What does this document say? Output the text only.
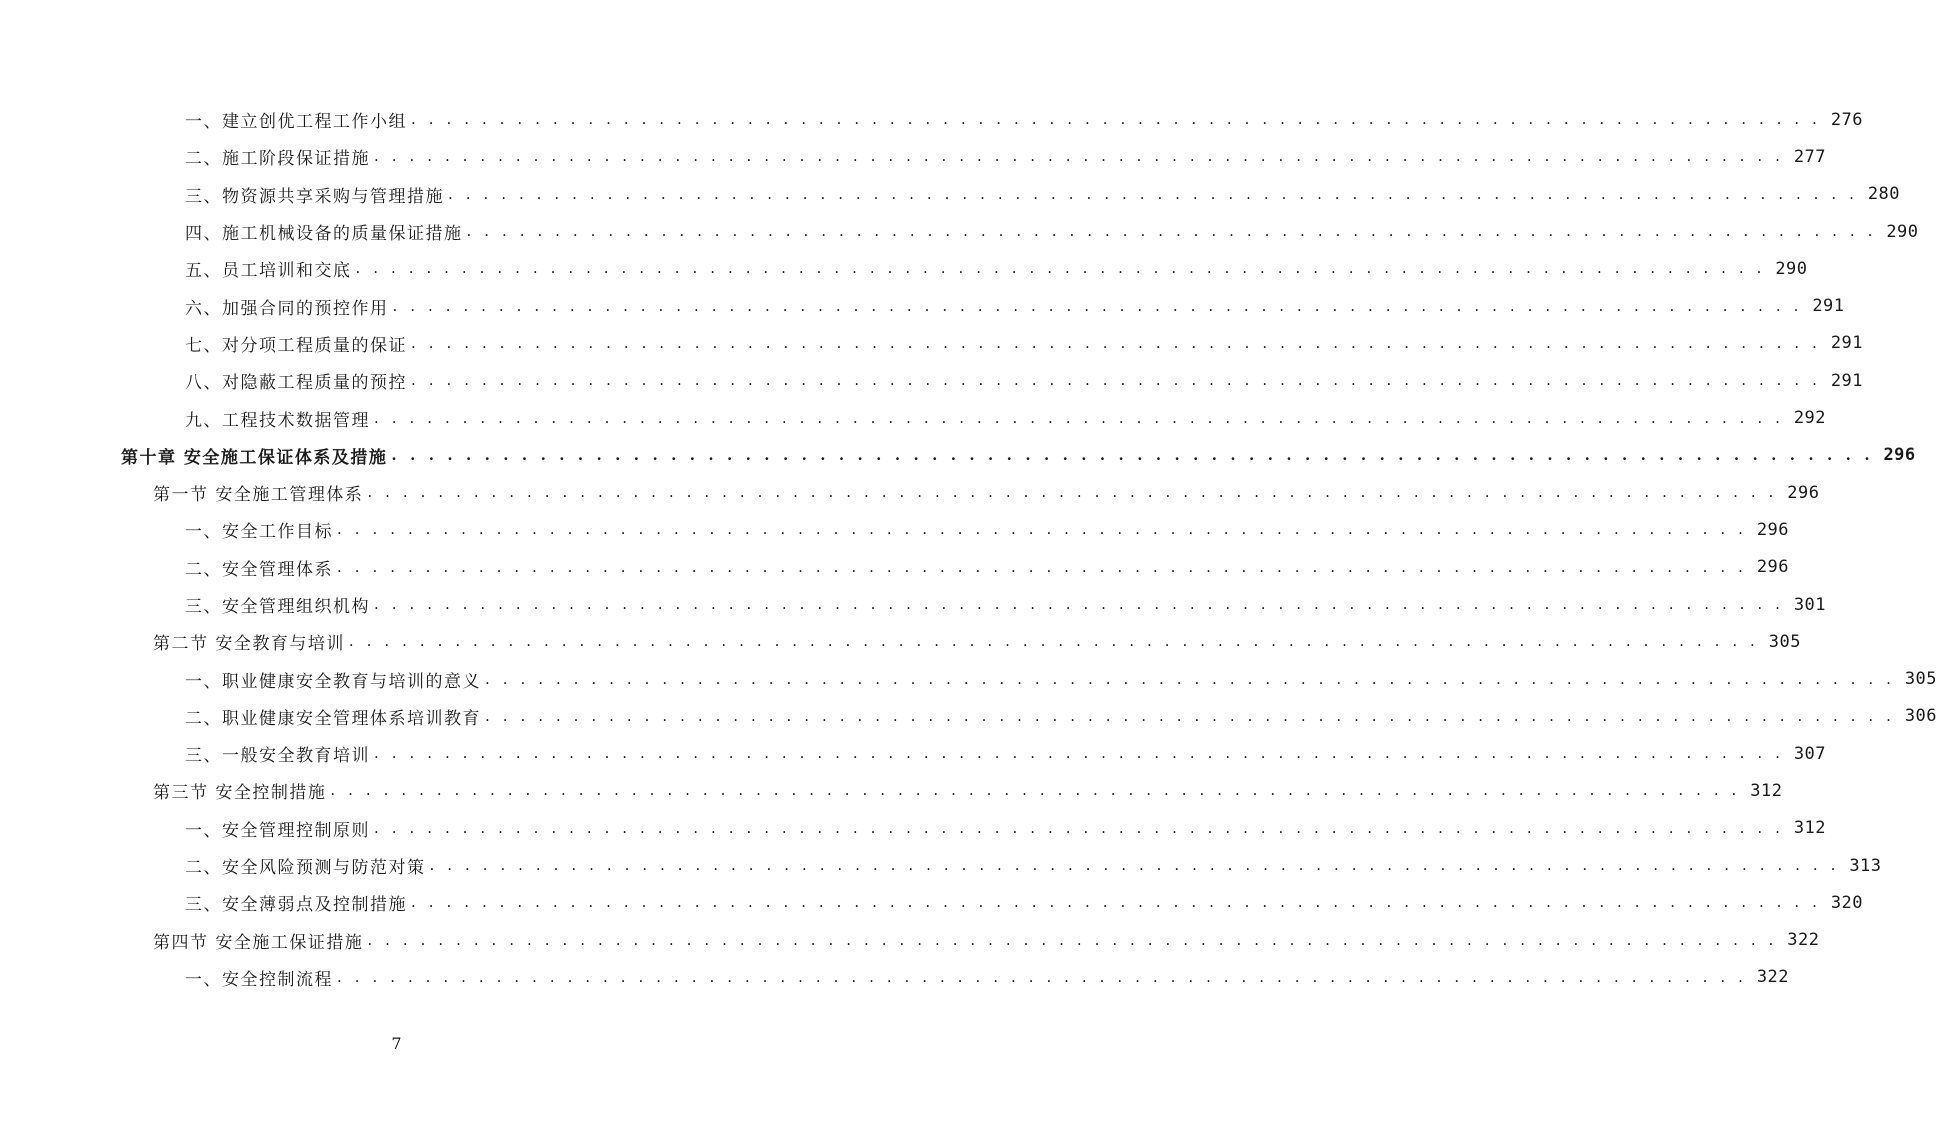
一、建立创优工程工作小组 . . . . . . . . . . . . . . . . . . . . . . . . . . . . . . . . . . . . . . . . . . . . . . . . . . . . . . . . . . . . . . . . . . . . . . . . . . . . . . . . 276
二、施工阶段保证措施 . . . . . . . . . . . . . . . . . . . . . . . . . . . . . . . . . . . . . . . . . . . . . . . . . . . . . . . . . . . . . . . . . . . . . . . . . . . . . . . . 277
三、物资源共享采购与管理措施 . . . . . . . . . . . . . . . . . . . . . . . . . . . . . . . . . . . . . . . . . . . . . . . . . . . . . . . . . . . . . . . . . . . . . . . . . . . . . . . . 280
四、施工机械设备的质量保证措施 . . . . . . . . . . . . . . . . . . . . . . . . . . . . . . . . . . . . . . . . . . . . . . . . . . . . . . . . . . . . . . . . . . . . . . . . . . . . . . . . 290
五、员工培训和交底 . . . . . . . . . . . . . . . . . . . . . . . . . . . . . . . . . . . . . . . . . . . . . . . . . . . . . . . . . . . . . . . . . . . . . . . . . . . . . . . . 290
六、加强合同的预控作用 . . . . . . . . . . . . . . . . . . . . . . . . . . . . . . . . . . . . . . . . . . . . . . . . . . . . . . . . . . . . . . . . . . . . . . . . . . . . . . . . 291
七、对分项工程质量的保证 . . . . . . . . . . . . . . . . . . . . . . . . . . . . . . . . . . . . . . . . . . . . . . . . . . . . . . . . . . . . . . . . . . . . . . . . . . . . . . . . 291
八、对隐蔽工程质量的预控 . . . . . . . . . . . . . . . . . . . . . . . . . . . . . . . . . . . . . . . . . . . . . . . . . . . . . . . . . . . . . . . . . . . . . . . . . . . . . . . . 291
九、工程技术数据管理 . . . . . . . . . . . . . . . . . . . . . . . . . . . . . . . . . . . . . . . . . . . . . . . . . . . . . . . . . . . . . . . . . . . . . . . . . . . . . . . . 292
第十章 安全施工保证体系及措施 . . . . . . . . . . . . . . . . . . . . . . . . . . . . . . . . . . . . . . . . . . . . . . . . . . . . . . . . . . . . . . . . . . . . . . . . . . . . . . . . 296
第一节 安全施工管理体系 . . . . . . . . . . . . . . . . . . . . . . . . . . . . . . . . . . . . . . . . . . . . . . . . . . . . . . . . . . . . . . . . . . . . . . . . . . . . . . . . 296
一、安全工作目标 . . . . . . . . . . . . . . . . . . . . . . . . . . . . . . . . . . . . . . . . . . . . . . . . . . . . . . . . . . . . . . . . . . . . . . . . . . . . . . . . 296
二、安全管理体系 . . . . . . . . . . . . . . . . . . . . . . . . . . . . . . . . . . . . . . . . . . . . . . . . . . . . . . . . . . . . . . . . . . . . . . . . . . . . . . . . 296
三、安全管理组织机构 . . . . . . . . . . . . . . . . . . . . . . . . . . . . . . . . . . . . . . . . . . . . . . . . . . . . . . . . . . . . . . . . . . . . . . . . . . . . . . . . 301
第二节 安全教育与培训 . . . . . . . . . . . . . . . . . . . . . . . . . . . . . . . . . . . . . . . . . . . . . . . . . . . . . . . . . . . . . . . . . . . . . . . . . . . . . . . . 305
一、职业健康安全教育与培训的意义 . . . . . . . . . . . . . . . . . . . . . . . . . . . . . . . . . . . . . . . . . . . . . . . . . . . . . . . . . . . . . . . . . . . . . . . . . . . . . . . . 305
二、职业健康安全管理体系培训教育 . . . . . . . . . . . . . . . . . . . . . . . . . . . . . . . . . . . . . . . . . . . . . . . . . . . . . . . . . . . . . . . . . . . . . . . . . . . . . . . . 306
三、一般安全教育培训 . . . . . . . . . . . . . . . . . . . . . . . . . . . . . . . . . . . . . . . . . . . . . . . . . . . . . . . . . . . . . . . . . . . . . . . . . . . . . . . . 307
第三节 安全控制措施 . . . . . . . . . . . . . . . . . . . . . . . . . . . . . . . . . . . . . . . . . . . . . . . . . . . . . . . . . . . . . . . . . . . . . . . . . . . . . . . . 312
一、安全管理控制原则 . . . . . . . . . . . . . . . . . . . . . . . . . . . . . . . . . . . . . . . . . . . . . . . . . . . . . . . . . . . . . . . . . . . . . . . . . . . . . . . . 312
二、安全风险预测与防范对策 . . . . . . . . . . . . . . . . . . . . . . . . . . . . . . . . . . . . . . . . . . . . . . . . . . . . . . . . . . . . . . . . . . . . . . . . . . . . . . . . 313
三、安全薄弱点及控制措施 . . . . . . . . . . . . . . . . . . . . . . . . . . . . . . . . . . . . . . . . . . . . . . . . . . . . . . . . . . . . . . . . . . . . . . . . . . . . . . . . 320
第四节 安全施工保证措施 . . . . . . . . . . . . . . . . . . . . . . . . . . . . . . . . . . . . . . . . . . . . . . . . . . . . . . . . . . . . . . . . . . . . . . . . . . . . . . . . 322
一、安全控制流程 . . . . . . . . . . . . . . . . . . . . . . . . . . . . . . . . . . . . . . . . . . . . . . . . . . . . . . . . . . . . . . . . . . . . . . . . . . . . . . . . 322
7
